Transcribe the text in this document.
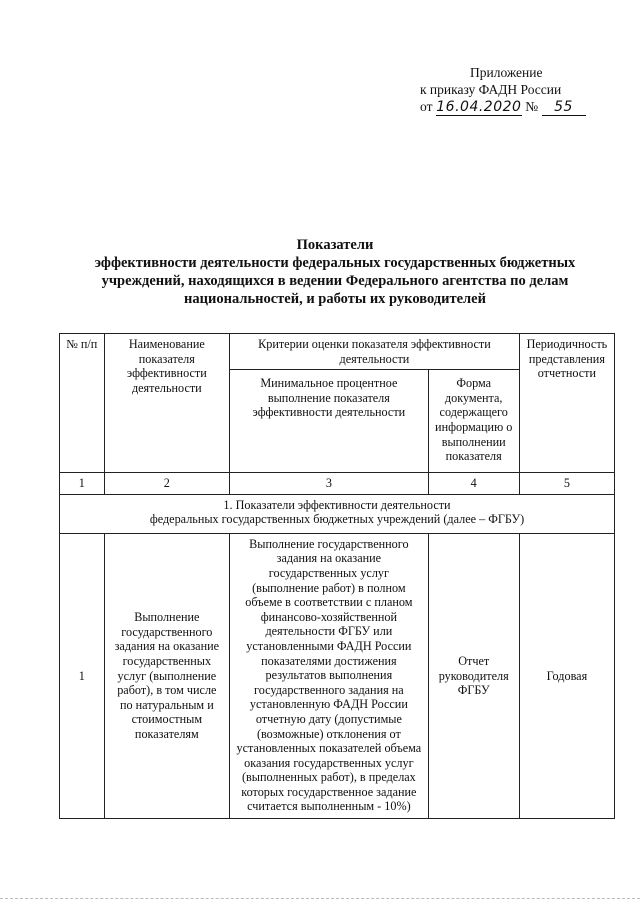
Приложение
к приказу ФАДН России
от 16.04.2020 № 55
Показатели
эффективности деятельности федеральных государственных бюджетных
учреждений, находящихся в ведении Федерального агентства по делам
национальностей, и работы их руководителей
№ п/п	Наименование показателя эффективности деятельности	Критерии оценки показателя эффективности деятельности		Периодичность представления отчетности
		Минимальное процентное выполнение показателя эффективности деятельности	Форма документа, содержащего информацию о выполнении показателя	
1	2	3	4	5

1. Показатели эффективности деятельности
федеральных государственных бюджетных учреждений (далее – ФГБУ)				

1	Выполнение государственного задания на оказание государственных услуг (выполнение работ), в том числе по натуральным и стоимостным показателям	Выполнение государственного задания на оказание государственных услуг (выполнение работ) в полном объеме в соответствии с планом финансово-хозяйственной деятельности ФГБУ или установленными ФАДН России показателями достижения результатов выполнения государственного задания на установленную ФАДН России отчетную дату (допустимые (возможные) отклонения от установленных показателей объема оказания государственных услуг (выполненных работ), в пределах которых государственное задание считается выполненным - 10%)	Отчет руководителя ФГБУ	Годовая
